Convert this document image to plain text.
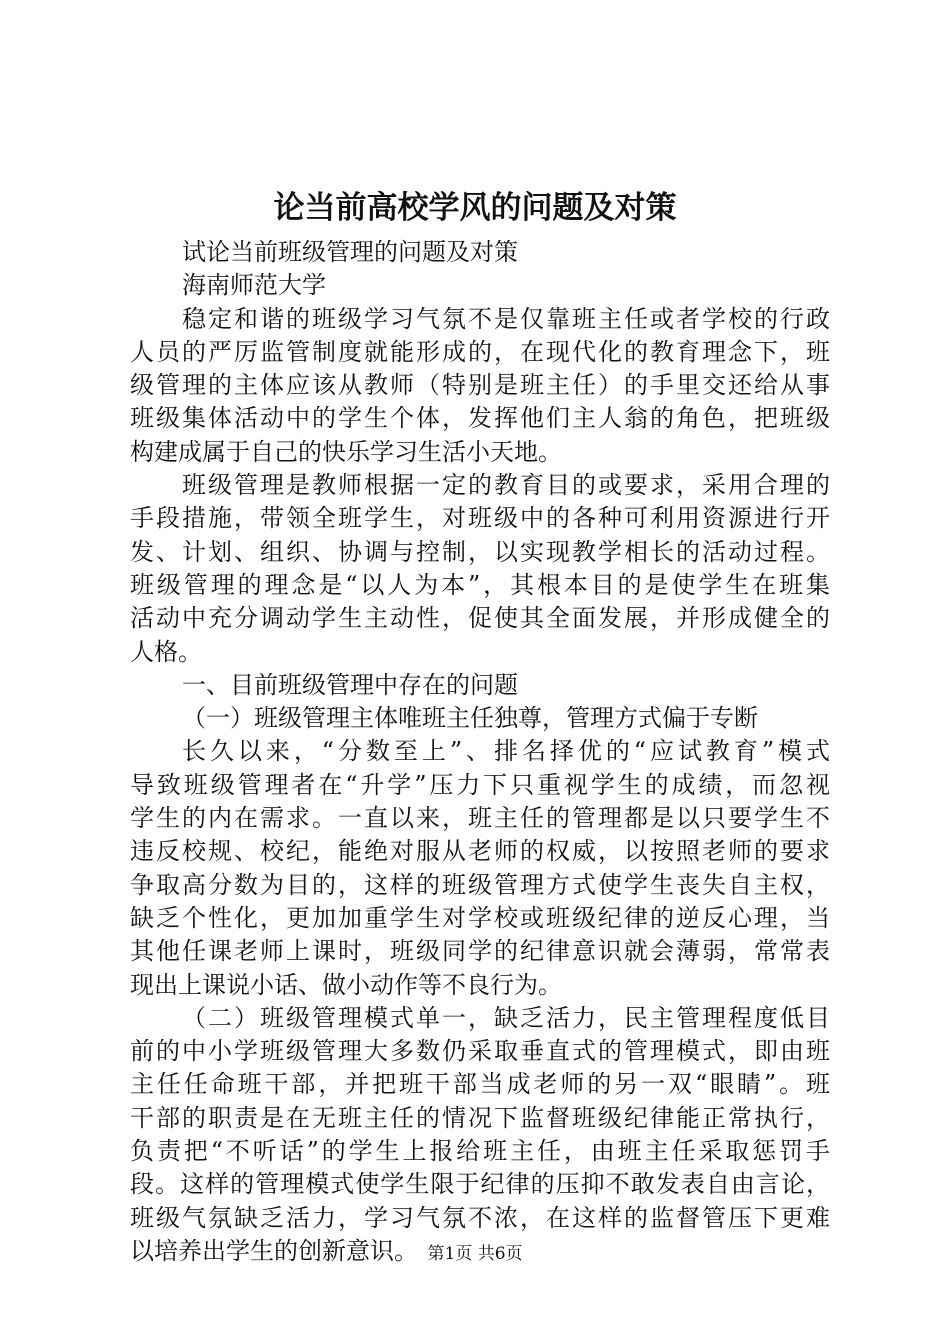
论当前高校学风的问题及对策
试论当前班级管理的问题及对策
海南师范大学
稳定和谐的班级学习气氛不是仅靠班主任或者学校的行政
人员的严厉监管制度就能形成的，在现代化的教育理念下，班
级管理的主体应该从教师（特别是班主任）的手里交还给从事
班级集体活动中的学生个体，发挥他们主人翁的角色，把班级
构建成属于自己的快乐学习生活小天地。
班级管理是教师根据一定的教育目的或要求，采用合理的
手段措施，带领全班学生，对班级中的各种可利用资源进行开
发、计划、组织、协调与控制，以实现教学相长的活动过程。
班级管理的理念是“以人为本”，其根本目的是使学生在班集
活动中充分调动学生主动性，促使其全面发展，并形成健全的
人格。
一、目前班级管理中存在的问题
（一）班级管理主体唯班主任独尊，管理方式偏于专断
长久以来，“分数至上”、排名择优的“应试教育”模式
导致班级管理者在“升学”压力下只重视学生的成绩，而忽视
学生的内在需求。一直以来，班主任的管理都是以只要学生不
违反校规、校纪，能绝对服从老师的权威，以按照老师的要求
争取高分数为目的，这样的班级管理方式使学生丧失自主权，
缺乏个性化，更加加重学生对学校或班级纪律的逆反心理，当
其他任课老师上课时，班级同学的纪律意识就会薄弱，常常表
现出上课说小话、做小动作等不良行为。
（二）班级管理模式单一，缺乏活力，民主管理程度低目
前的中小学班级管理大多数仍采取垂直式的管理模式，即由班
主任任命班干部，并把班干部当成老师的另一双“眼睛”。班
干部的职责是在无班主任的情况下监督班级纪律能正常执行，
负责把“不听话”的学生上报给班主任，由班主任采取惩罚手
段。这样的管理模式使学生限于纪律的压抑不敢发表自由言论，
班级气氛缺乏活力，学习气氛不浓，在这样的监督管压下更难
以培养出学生的创新意识。 第1页 共6页
